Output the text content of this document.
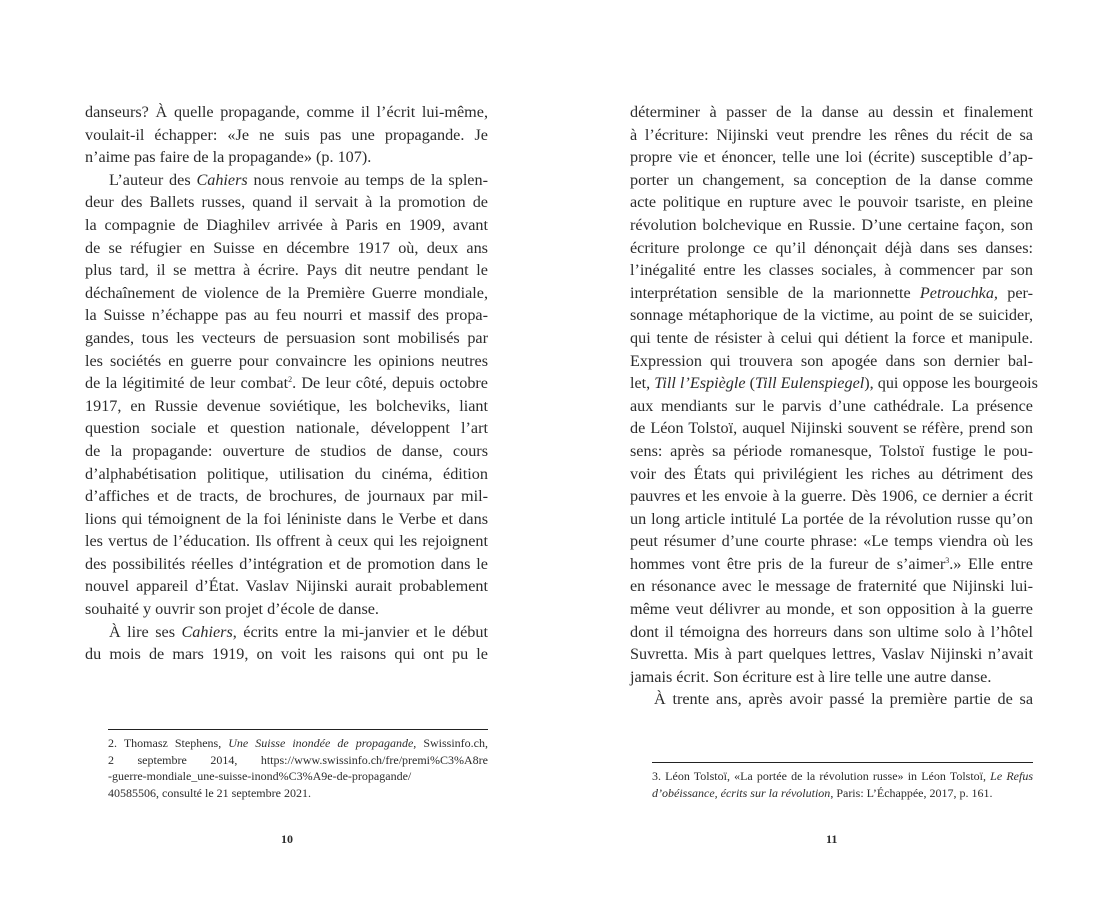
danseurs? À quelle propagande, comme il l’écrit lui-même,
voulait-il échapper: «Je ne suis pas une propagande. Je
n’aime pas faire de la propagande» (p. 107).
L’auteur des Cahiers nous renvoie au temps de la splen-
deur des Ballets russes, quand il servait à la promotion de
la compagnie de Diaghilev arrivée à Paris en 1909, avant
de se réfugier en Suisse en décembre 1917 où, deux ans
plus tard, il se mettra à écrire. Pays dit neutre pendant le
déchaînement de violence de la Première Guerre mondiale,
la Suisse n’échappe pas au feu nourri et massif des propa-
gandes, tous les vecteurs de persuasion sont mobilisés par
les sociétés en guerre pour convaincre les opinions neutres
de la légitimité de leur combat$^2$. De leur côté, depuis octobre
1917, en Russie devenue soviétique, les bolcheviks, liant
question sociale et question nationale, développent l’art
de la propagande: ouverture de studios de danse, cours
d’alphabétisation politique, utilisation du cinéma, édition
d’affiches et de tracts, de brochures, de journaux par mil-
lions qui témoignent de la foi léniniste dans le Verbe et dans
les vertus de l’éducation. Ils offrent à ceux qui les rejoignent
des possibilités réelles d’intégration et de promotion dans le
nouvel appareil d’État. Vaslav Nijinski aurait probablement
souhaité y ouvrir son projet d’école de danse.
À lire ses Cahiers, écrits entre la mi-janvier et le début
du mois de mars 1919, on voit les raisons qui ont pu le
2. Thomasz Stephens, Une Suisse inondée de propagande, Swissinfo.ch,
2 septembre 2014, https://www.swissinfo.ch/fre/premi%C3%A8re
-guerre-mondiale_une-suisse-inond%C3%A9e-de-propagande/
40585506, consulté le 21 septembre 2021.
10
déterminer à passer de la danse au dessin et finalement
à l’écriture: Nijinski veut prendre les rênes du récit de sa
propre vie et énoncer, telle une loi (écrite) susceptible d’ap-
porter un changement, sa conception de la danse comme
acte politique en rupture avec le pouvoir tsariste, en pleine
révolution bolchevique en Russie. D’une certaine façon, son
écriture prolonge ce qu’il dénonçait déjà dans ses danses:
l’inégalité entre les classes sociales, à commencer par son
interprétation sensible de la marionnette Petrouchka, per-
sonnage métaphorique de la victime, au point de se suicider,
qui tente de résister à celui qui détient la force et manipule.
Expression qui trouvera son apogée dans son dernier bal-
let, Till l’Espiègle (Till Eulenspiegel), qui oppose les bourgeois
aux mendiants sur le parvis d’une cathédrale. La présence
de Léon Tolstoï, auquel Nijinski souvent se réfère, prend son
sens: après sa période romanesque, Tolstoï fustige le pou-
voir des États qui privilégient les riches au détriment des
pauvres et les envoie à la guerre. Dès 1906, ce dernier a écrit
un long article intitulé La portée de la révolution russe qu’on
peut résumer d’une courte phrase: «Le temps viendra où les
hommes vont être pris de la fureur de s’aimer$^3$.» Elle entre
en résonance avec le message de fraternité que Nijinski lui-
même veut délivrer au monde, et son opposition à la guerre
dont il témoigna des horreurs dans son ultime solo à l’hôtel
Suvretta. Mis à part quelques lettres, Vaslav Nijinski n’avait
jamais écrit. Son écriture est à lire telle une autre danse.
À trente ans, après avoir passé la première partie de sa
3. Léon Tolstoï, «La portée de la révolution russe» in Léon Tolstoï, Le Refus
d’obéissance, écrits sur la révolution, Paris: L’Échappée, 2017, p. 161.
11
